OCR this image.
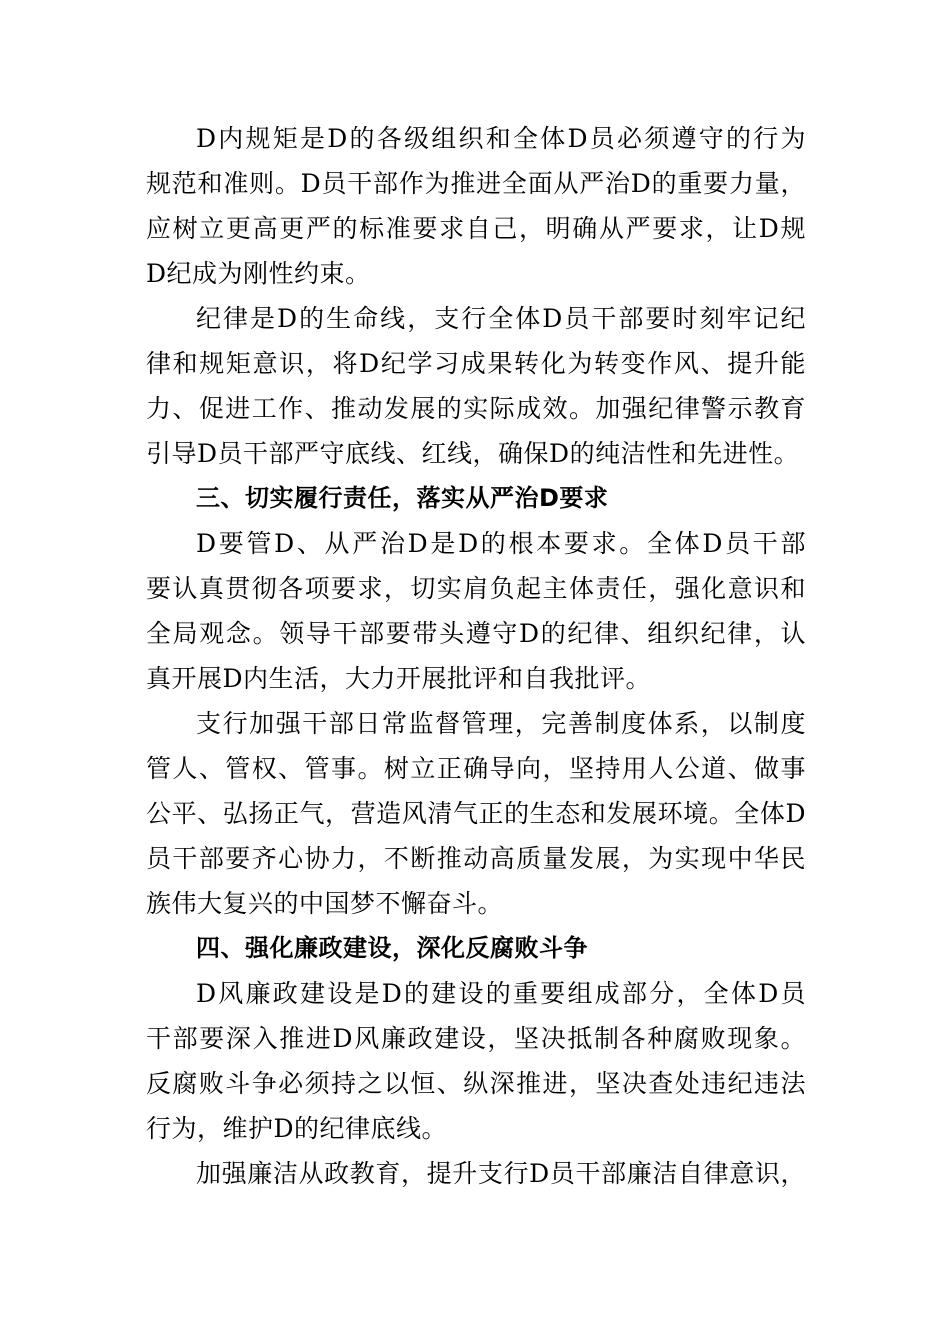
D内规矩是D的各级组织和全体D员必须遵守的行为
规范和准则。D员干部作为推进全面从严治D的重要力量，
应树立更高更严的标准要求自己，明确从严要求，让D规
D纪成为刚性约束。
纪律是D的生命线，支行全体D员干部要时刻牢记纪
律和规矩意识，将D纪学习成果转化为转变作风、提升能
力、促进工作、推动发展的实际成效。加强纪律警示教育
引导D员干部严守底线、红线，确保D的纯洁性和先进性。
三、切实履行责任，落实从严治D要求
D要管D、从严治D是D的根本要求。全体D员干部
要认真贯彻各项要求，切实肩负起主体责任，强化意识和
全局观念。领导干部要带头遵守D的纪律、组织纪律，认
真开展D内生活，大力开展批评和自我批评。
支行加强干部日常监督管理，完善制度体系，以制度
管人、管权、管事。树立正确导向，坚持用人公道、做事
公平、弘扬正气，营造风清气正的生态和发展环境。全体D
员干部要齐心协力，不断推动高质量发展，为实现中华民
族伟大复兴的中国梦不懈奋斗。
四、强化廉政建设，深化反腐败斗争
D风廉政建设是D的建设的重要组成部分，全体D员
干部要深入推进D风廉政建设，坚决抵制各种腐败现象。
反腐败斗争必须持之以恒、纵深推进，坚决查处违纪违法
行为，维护D的纪律底线。
加强廉洁从政教育，提升支行D员干部廉洁自律意识，
